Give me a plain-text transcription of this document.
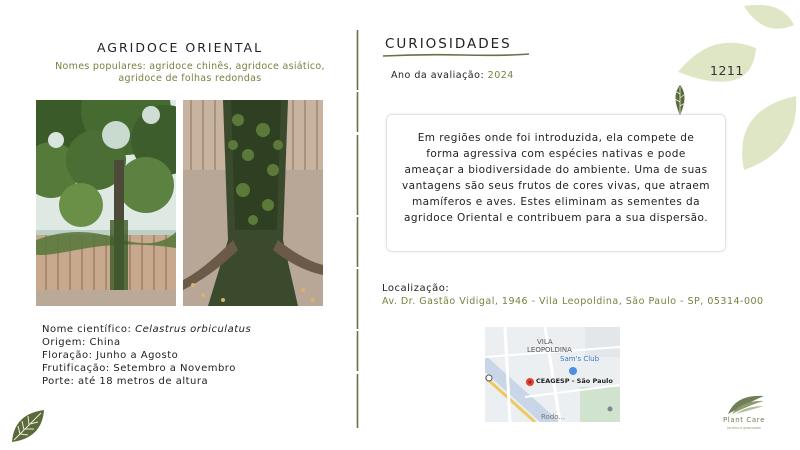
AGRIDOCE ORIENTAL
Nomes populares: agridoce chinês, agridoce asiático, agridoce de folhas redondas
Nome científico: Celastrus orbiculatus
Origem: China
Floração: Junho a Agosto
Frutificação: Setembro a Novembro
Porte: até 18 metros de altura
CURIOSIDADES
Ano da avaliação: 2024
Em regiões onde foi introduzida, ela compete de forma agressiva com espécies nativas e pode ameaçar a biodiversidade do ambiente. Uma de suas vantagens são seus frutos de cores vivas, que atraem mamíferos e aves. Estes eliminam as sementes da agridoce Oriental e contribuem para a sua dispersão.
Localização:
Av. Dr. Gastão Vidigal, 1946 - Vila Leopoldina, São Paulo - SP, 05314-000
VILA
LEOPOLDINA
Sam's Club
CEAGESP - São Paulo
Rodo...
1211
Plant Care
jardins e gramados
